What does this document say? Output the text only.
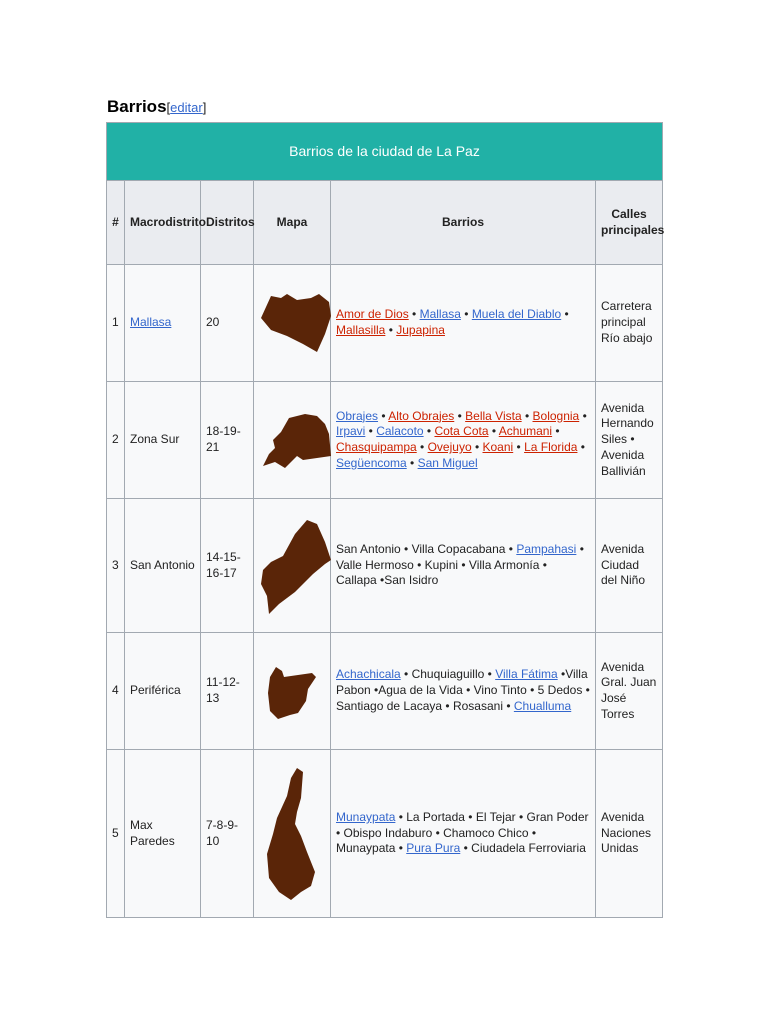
Barrios[editar]
Barrios de la ciudad de La Paz					
#	Macrodistrito	Distritos	Mapa	Barrios	Calles principales
1	Mallasa	20		Amor de Dios • Mallasa • Muela del Diablo • Mallasilla • Jupapina	Carretera principal Río abajo
2	Zona Sur	18-19-21		Obrajes • Alto Obrajes • Bella Vista • Bolognia • Irpavi • Calacoto • Cota Cota • Achumani • Chasquipampa • Ovejuyo • Koani • La Florida • Següencoma • San Miguel	Avenida Hernando Siles • Avenida Ballivián
3	San Antonio	14-15-16-17		San Antonio • Villa Copacabana • Pampahasi • Valle Hermoso • Kupini • Villa Armonía • Callapa •San Isidro	Avenida Ciudad del Niño
4	Periférica	11-12-13		Achachicala • Chuquiaguillo • Villa Fátima •Villa Pabon •Agua de la Vida • Vino Tinto • 5 Dedos • Santiago de Lacaya • Rosasani • Chualluma	Avenida Gral. Juan José Torres
5	Max Paredes	7-8-9-10		Munaypata • La Portada • El Tejar • Gran Poder • Obispo Indaburo • Chamoco Chico • Munaypata • Pura Pura • Ciudadela Ferroviaria	Avenida Naciones Unidas
